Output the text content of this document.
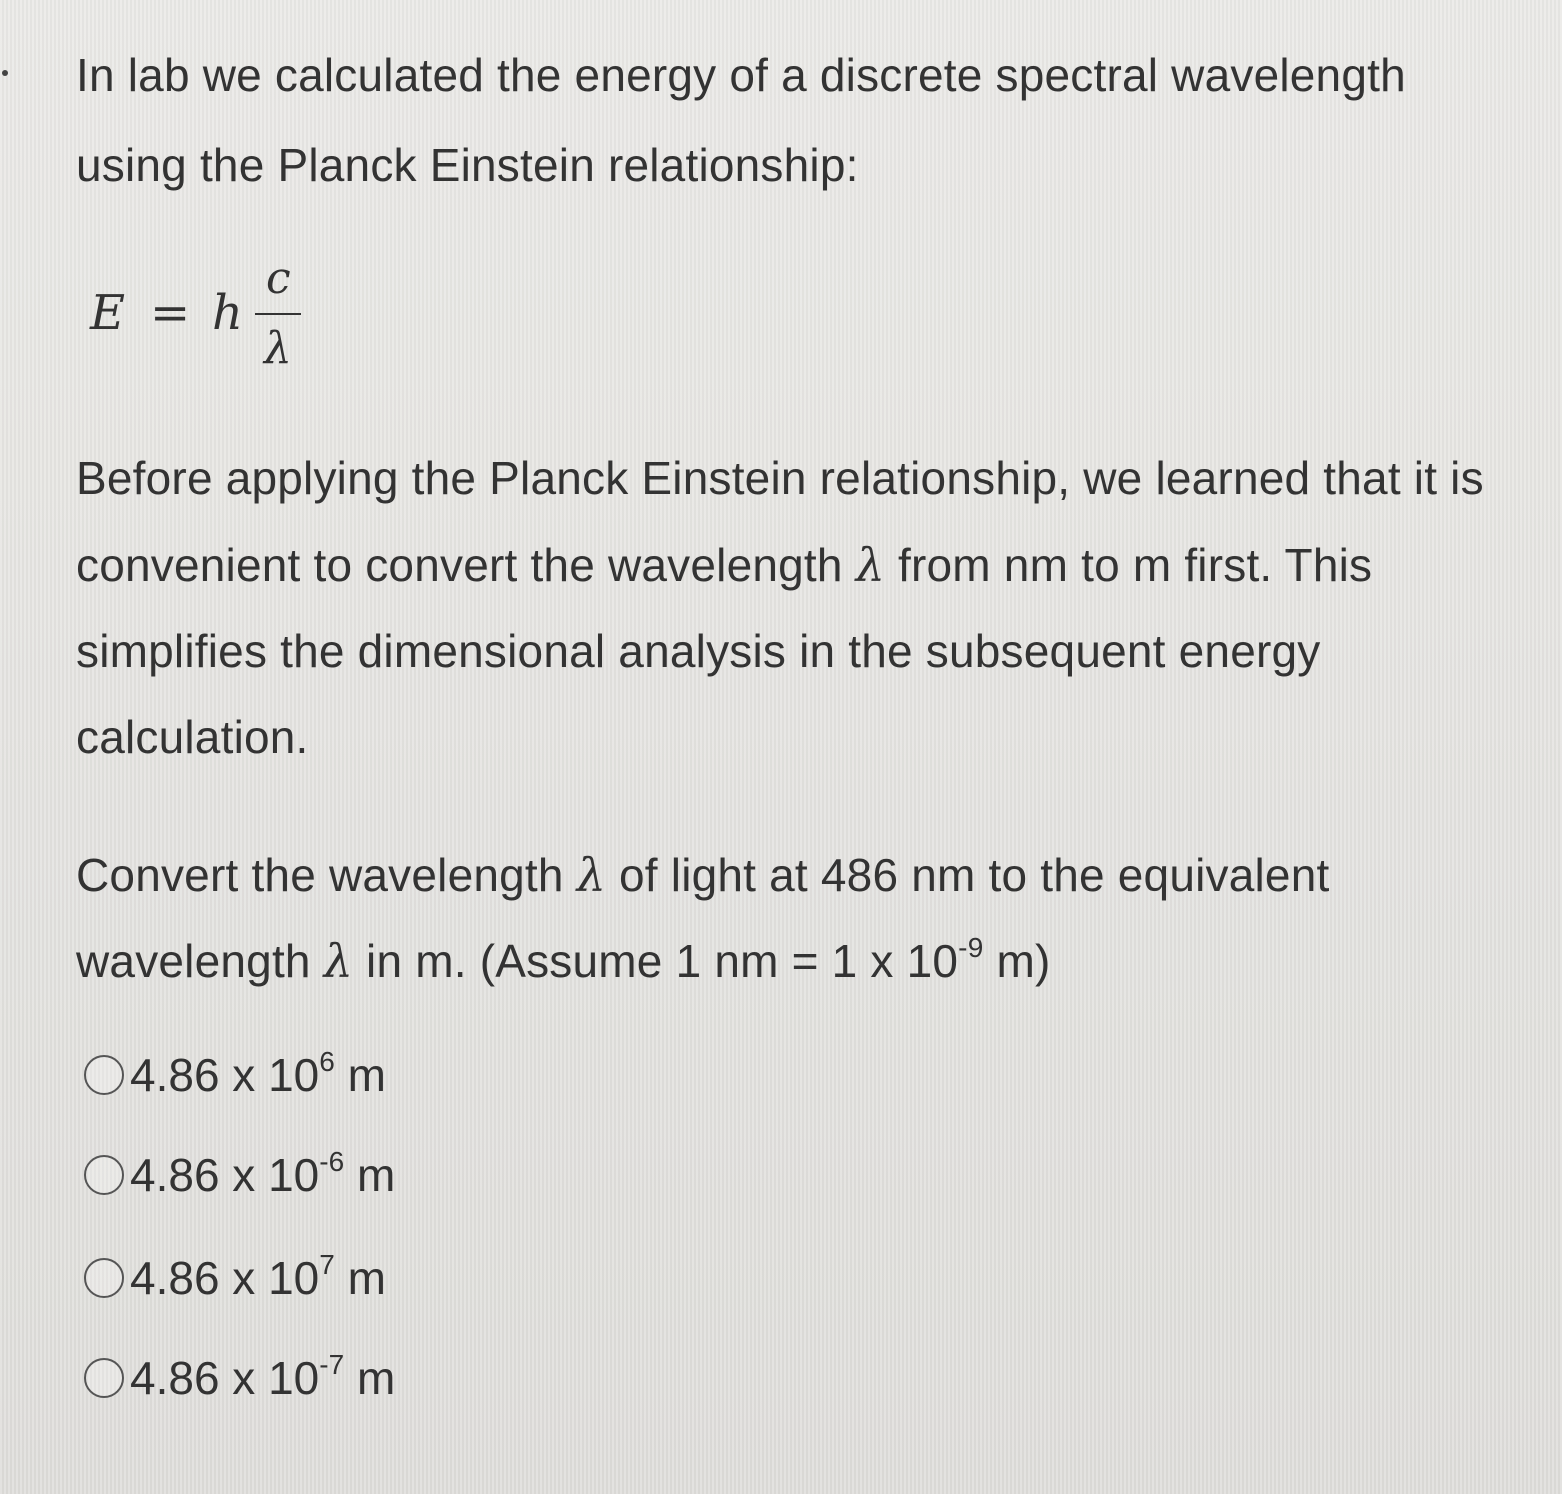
In lab we calculated the energy of a discrete spectral wavelength
using the Planck Einstein relationship:
E = h
c
λ
Before applying the Planck Einstein relationship, we learned that it is
convenient to convert the wavelength λ from nm to m first. This
simplifies the dimensional analysis in the subsequent energy
calculation.
Convert the wavelength λ of light at 486 nm to the equivalent
wavelength λ in m. (Assume 1 nm = 1 x $10^{-9}$ m)
4.86 x $10^6$ m
4.86 x $10^{-6}$ m
4.86 x $10^7$ m
4.86 x $10^{-7}$ m
